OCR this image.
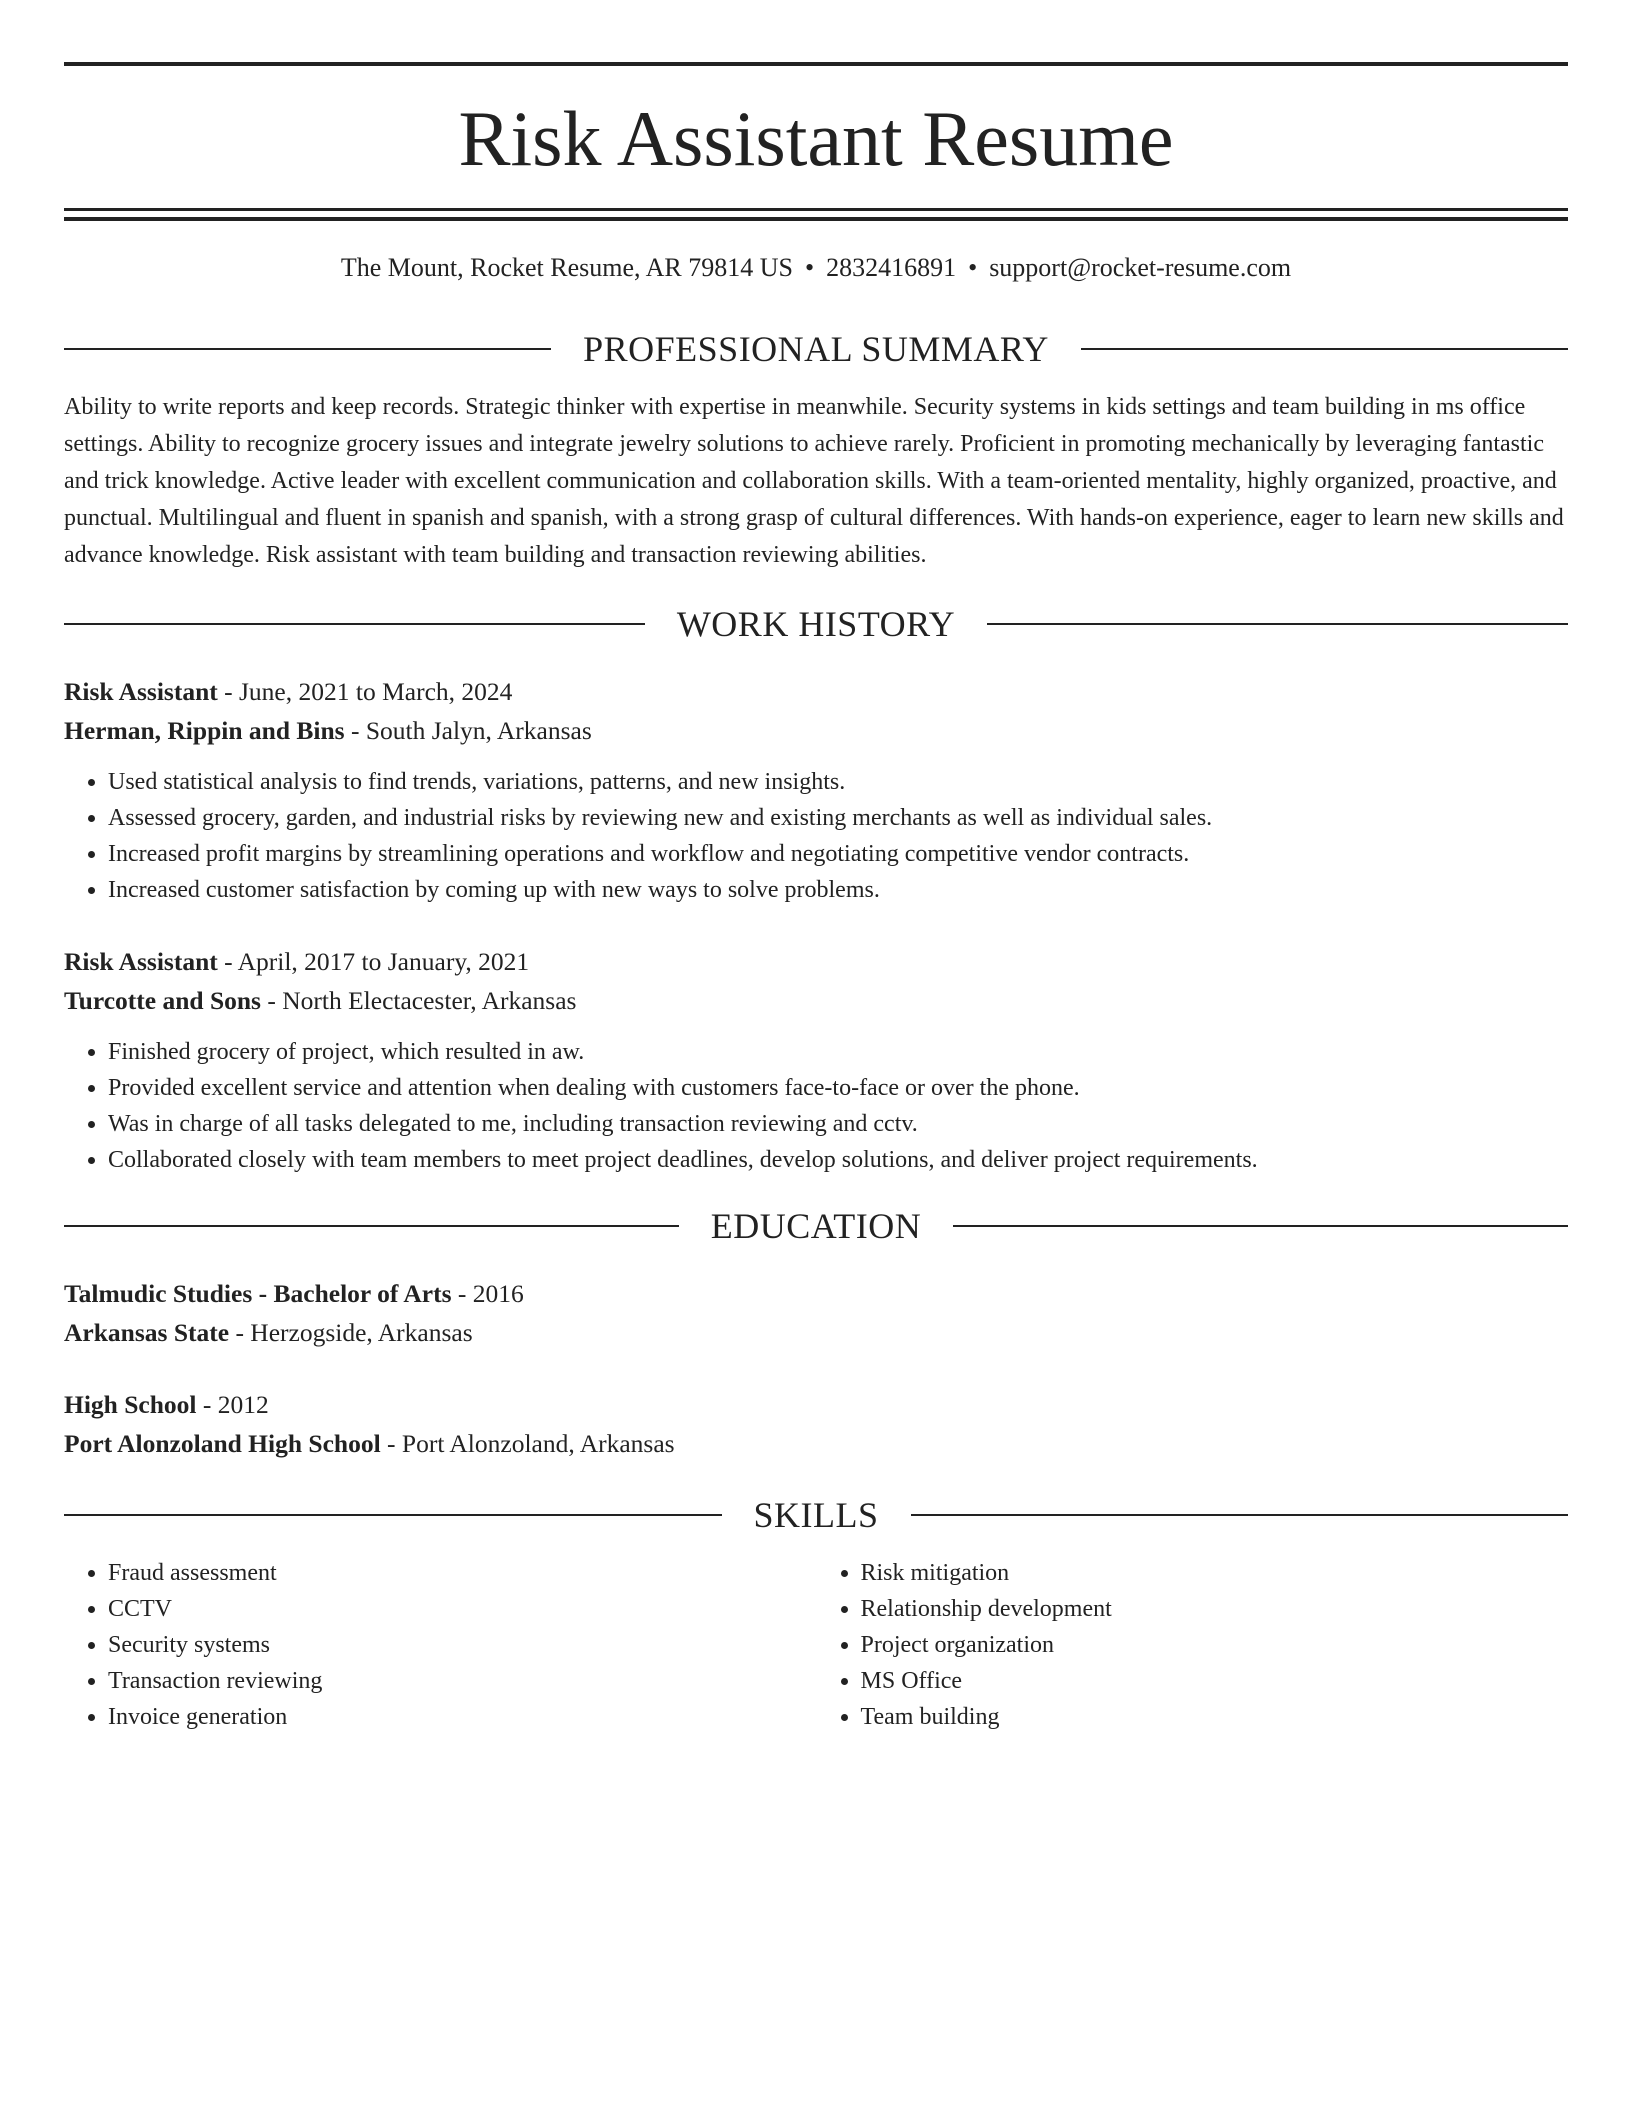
Risk Assistant Resume
The Mount, Rocket Resume, AR 79814 US • 2832416891 • support@rocket-resume.com
PROFESSIONAL SUMMARY

Ability to write reports and keep records. Strategic thinker with expertise in meanwhile. Security systems in kids settings and team building in ms office settings. Ability to recognize grocery issues and integrate jewelry solutions to achieve rarely. Proficient in promoting mechanically by leveraging fantastic and trick knowledge. Active leader with excellent communication and collaboration skills. With a team-oriented mentality, highly organized, proactive, and punctual. Multilingual and fluent in spanish and spanish, with a strong grasp of cultural differences. With hands-on experience, eager to learn new skills and advance knowledge. Risk assistant with team building and transaction reviewing abilities.

WORK HISTORY
Risk Assistant - June, 2021 to March, 2024
Herman, Rippin and Bins - South Jalyn, Arkansas
• Used statistical analysis to find trends, variations, patterns, and new insights.
• Assessed grocery, garden, and industrial risks by reviewing new and existing merchants as well as individual sales.
• Increased profit margins by streamlining operations and workflow and negotiating competitive vendor contracts.
• Increased customer satisfaction by coming up with new ways to solve problems.
Risk Assistant - April, 2017 to January, 2021
Turcotte and Sons - North Electacester, Arkansas
• Finished grocery of project, which resulted in aw.
• Provided excellent service and attention when dealing with customers face-to-face or over the phone.
• Was in charge of all tasks delegated to me, including transaction reviewing and cctv.
• Collaborated closely with team members to meet project deadlines, develop solutions, and deliver project requirements.
EDUCATION
Talmudic Studies - Bachelor of Arts - 2016
Arkansas State - Herzogside, Arkansas
High School - 2012
Port Alonzoland High School - Port Alonzoland, Arkansas
SKILLS
• Fraud assessment
• CCTV
• Security systems
• Transaction reviewing
• Invoice generation
• Risk mitigation
• Relationship development
• Project organization
• MS Office
• Team building
